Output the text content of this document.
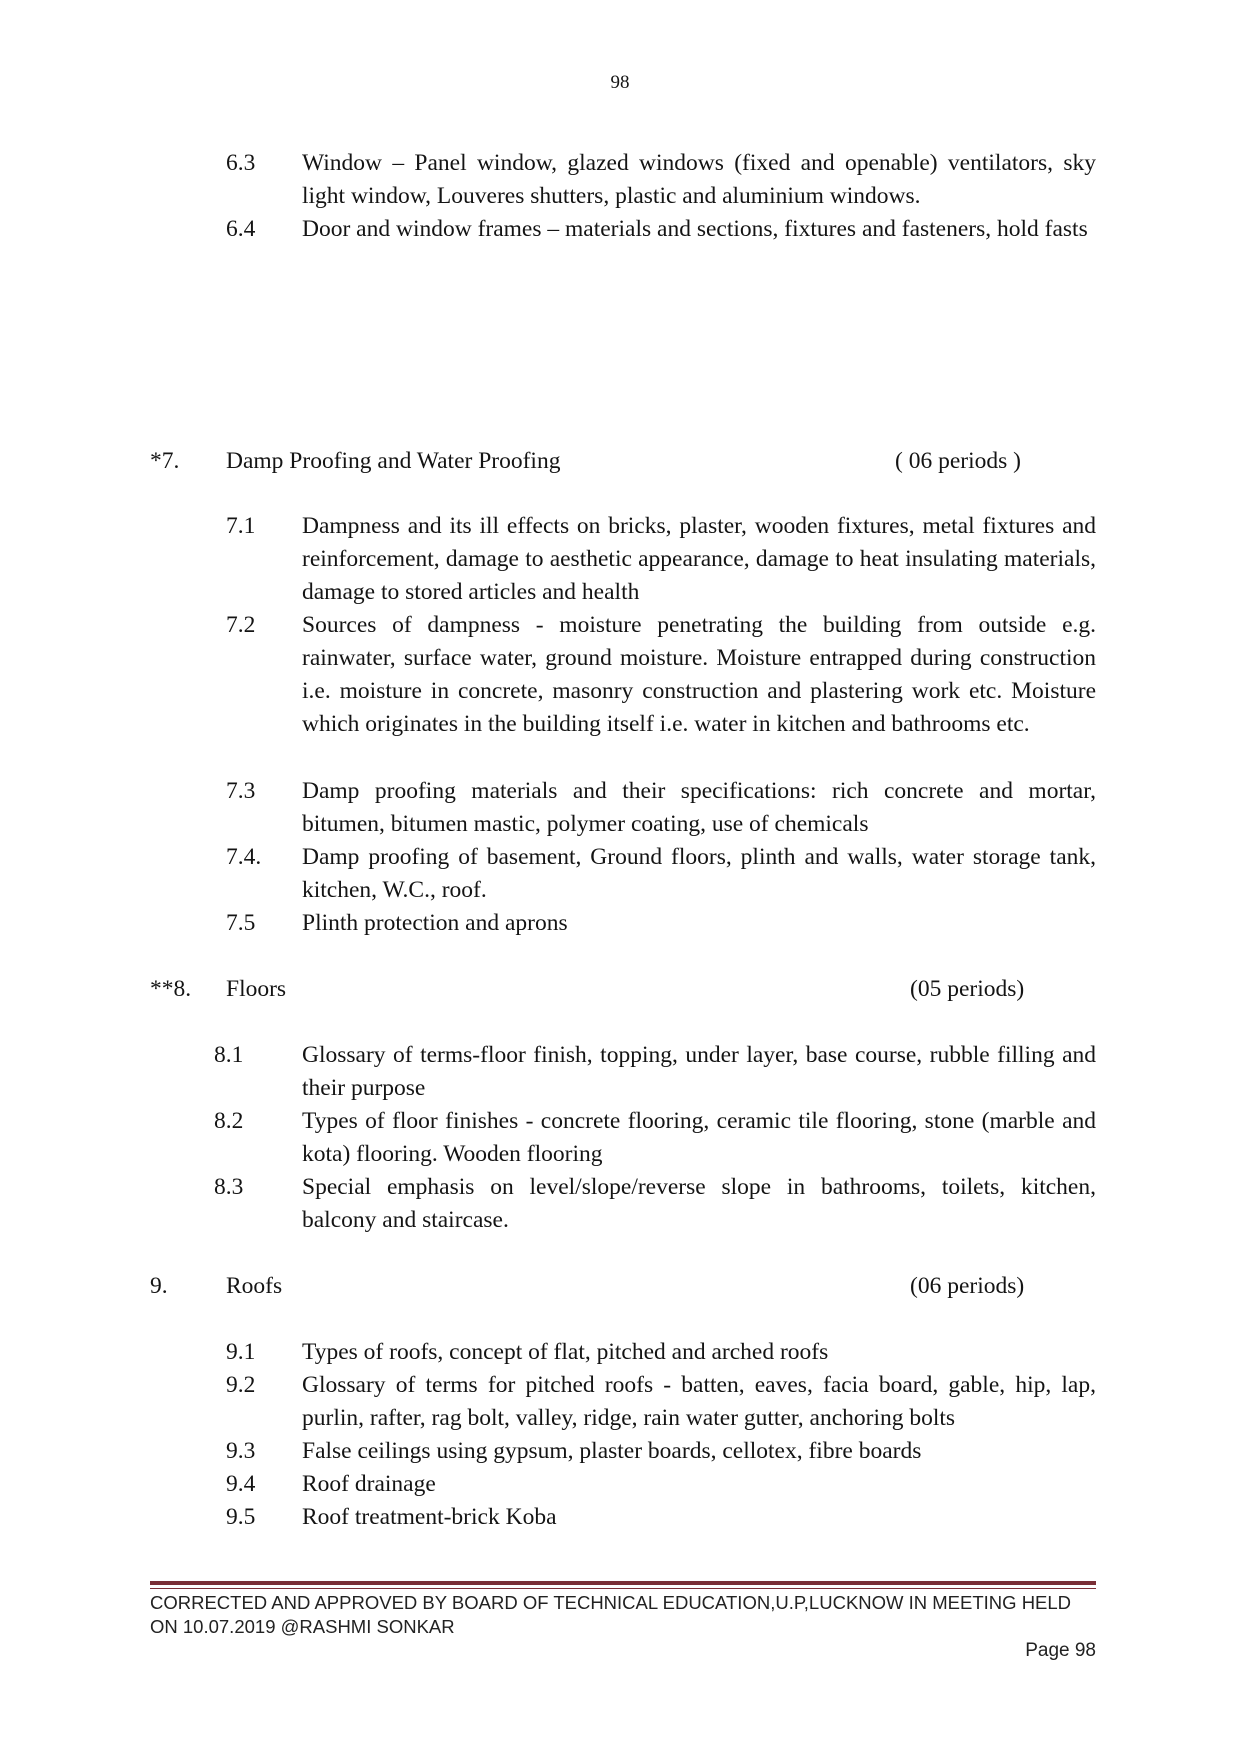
98
6.3 Window – Panel window, glazed windows (fixed and openable) ventilators, sky light window, Louveres shutters, plastic and aluminium windows.
6.4 Door and window frames – materials and sections, fixtures and fasteners, hold fasts
*7. Damp Proofing and Water Proofing	( 06 periods )
7.1 Dampness and its ill effects on bricks, plaster, wooden fixtures, metal fixtures and reinforcement, damage to aesthetic appearance, damage to heat insulating materials, damage to stored articles and health
7.2 Sources of dampness - moisture penetrating the building from outside e.g. rainwater, surface water, ground moisture. Moisture entrapped during construction i.e. moisture in concrete, masonry construction and plastering work etc. Moisture which originates in the building itself i.e. water in kitchen and bathrooms etc.
7.3 Damp proofing materials and their specifications: rich concrete and mortar, bitumen, bitumen mastic, polymer coating, use of chemicals
7.4. Damp proofing of basement, Ground floors, plinth and walls, water storage tank, kitchen, W.C., roof.
7.5 Plinth protection and aprons
**8. Floors	(05 periods)
8.1 Glossary of terms-floor finish, topping, under layer, base course, rubble filling and their purpose
8.2 Types of floor finishes - concrete flooring, ceramic tile flooring, stone (marble and kota) flooring. Wooden flooring
8.3 Special emphasis on level/slope/reverse slope in bathrooms, toilets, kitchen, balcony and staircase.
9. Roofs	(06 periods)
9.1 Types of roofs, concept of flat, pitched and arched roofs
9.2 Glossary of terms for pitched roofs - batten, eaves, facia board, gable, hip, lap, purlin, rafter, rag bolt, valley, ridge, rain water gutter, anchoring bolts
9.3 False ceilings using gypsum, plaster boards, cellotex, fibre boards
9.4 Roof drainage
9.5 Roof treatment-brick Koba
CORRECTED AND APPROVED BY BOARD OF TECHNICAL EDUCATION,U.P,LUCKNOW IN MEETING HELD
ON 10.07.2019 @RASHMI SONKAR
Page 98
